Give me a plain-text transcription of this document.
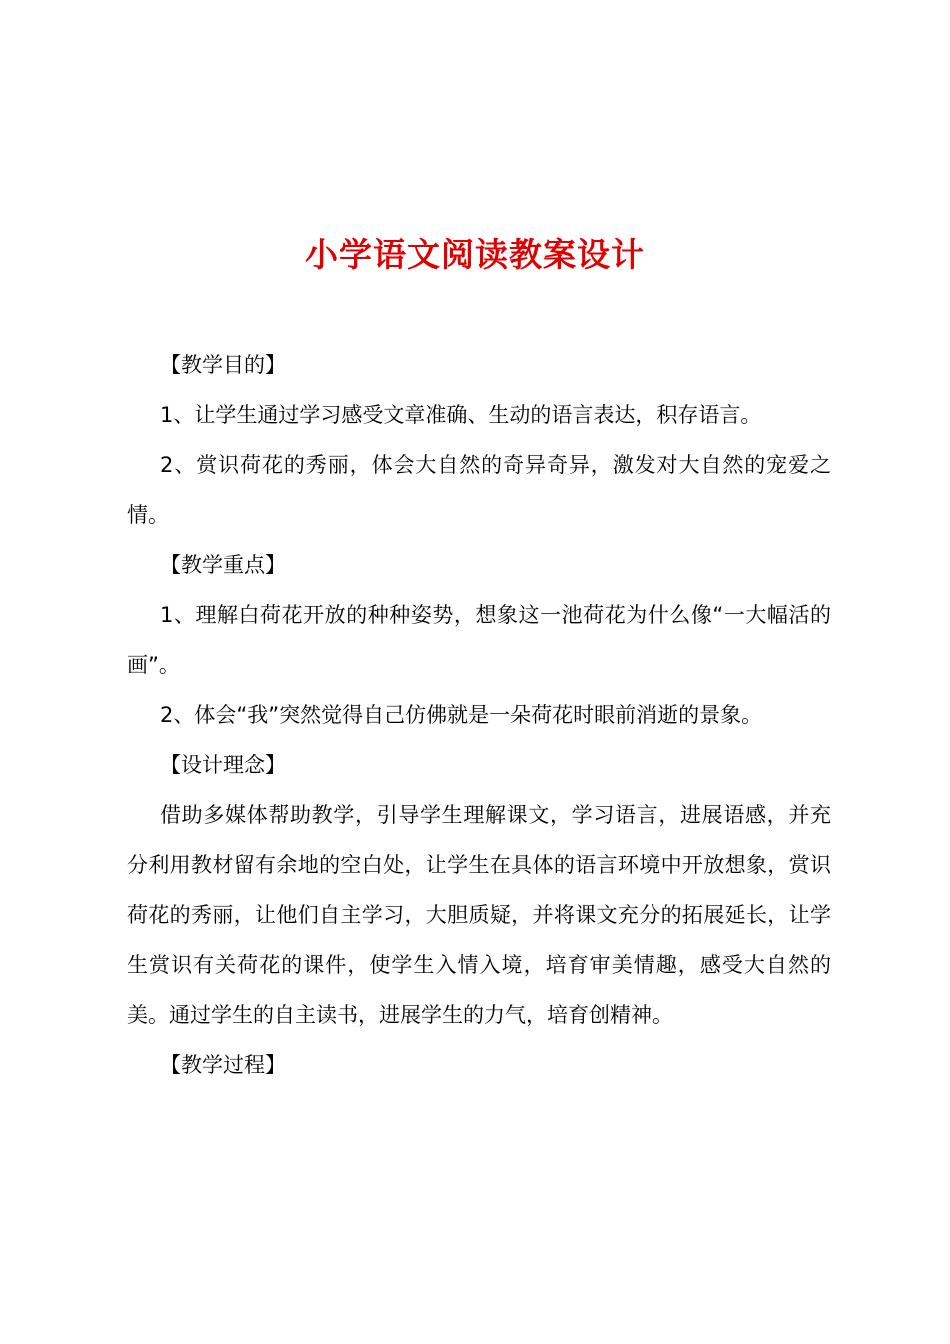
小学语文阅读教案设计

【教学目的】

1、让学生通过学习感受文章准确、生动的语言表达，积存语言。

2、赏识荷花的秀丽，体会大自然的奇异奇异，激发对大自然的宠爱之情。

【教学重点】

1、理解白荷花开放的种种姿势，想象这一池荷花为什么像“一大幅活的画”。

2、体会“我”突然觉得自己仿佛就是一朵荷花时眼前消逝的景象。

【设计理念】

借助多媒体帮助教学，引导学生理解课文，学习语言，进展语感，并充分利用教材留有余地的空白处，让学生在具体的语言环境中开放想象，赏识荷花的秀丽，让他们自主学习，大胆质疑，并将课文充分的拓展延长，让学生赏识有关荷花的课件，使学生入情入境，培育审美情趣，感受大自然的美。通过学生的自主读书，进展学生的力气，培育创精神。

【教学过程】
